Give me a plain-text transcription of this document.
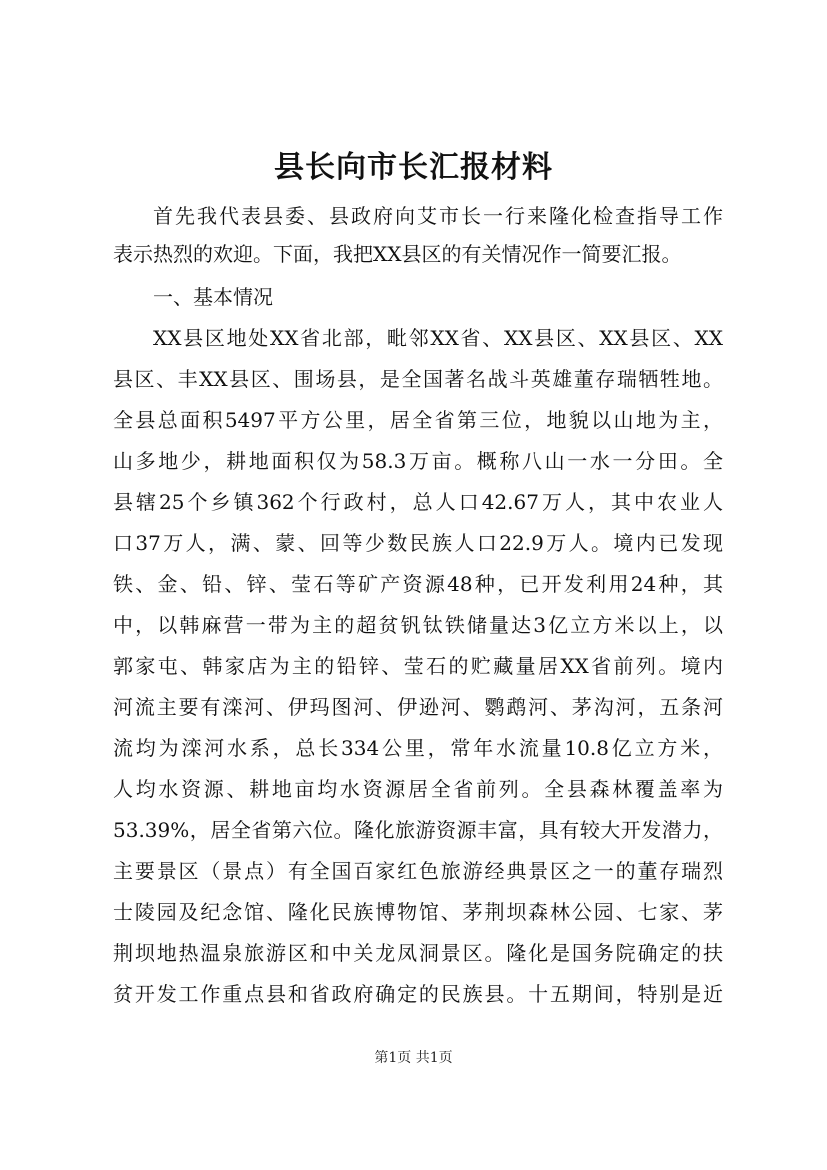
县长向市长汇报材料
首先我代表县委、县政府向艾市长一行来隆化检查指导工作
表示热烈的欢迎。下面，我把XX县区的有关情况作一简要汇报。
一、基本情况
XX县区地处XX省北部，毗邻XX省、XX县区、XX县区、XX
县区、丰XX县区、围场县，是全国著名战斗英雄董存瑞牺牲地。
全县总面积5497平方公里，居全省第三位，地貌以山地为主，
山多地少，耕地面积仅为58.3万亩。概称八山一水一分田。全
县辖25个乡镇362个行政村，总人口42.67万人，其中农业人
口37万人，满、蒙、回等少数民族人口22.9万人。境内已发现
铁、金、铅、锌、莹石等矿产资源48种，已开发利用24种，其
中，以韩麻营一带为主的超贫钒钛铁储量达3亿立方米以上，以
郭家屯、韩家店为主的铅锌、莹石的贮藏量居XX省前列。境内
河流主要有滦河、伊玛图河、伊逊河、鹦鹉河、茅沟河，五条河
流均为滦河水系，总长334公里，常年水流量10.8亿立方米，
人均水资源、耕地亩均水资源居全省前列。全县森林覆盖率为
53.39%，居全省第六位。隆化旅游资源丰富，具有较大开发潜力，
主要景区（景点）有全国百家红色旅游经典景区之一的董存瑞烈
士陵园及纪念馆、隆化民族博物馆、茅荆坝森林公园、七家、茅
荆坝地热温泉旅游区和中关龙凤洞景区。隆化是国务院确定的扶
贫开发工作重点县和省政府确定的民族县。十五期间，特别是近
第1页 共1页
